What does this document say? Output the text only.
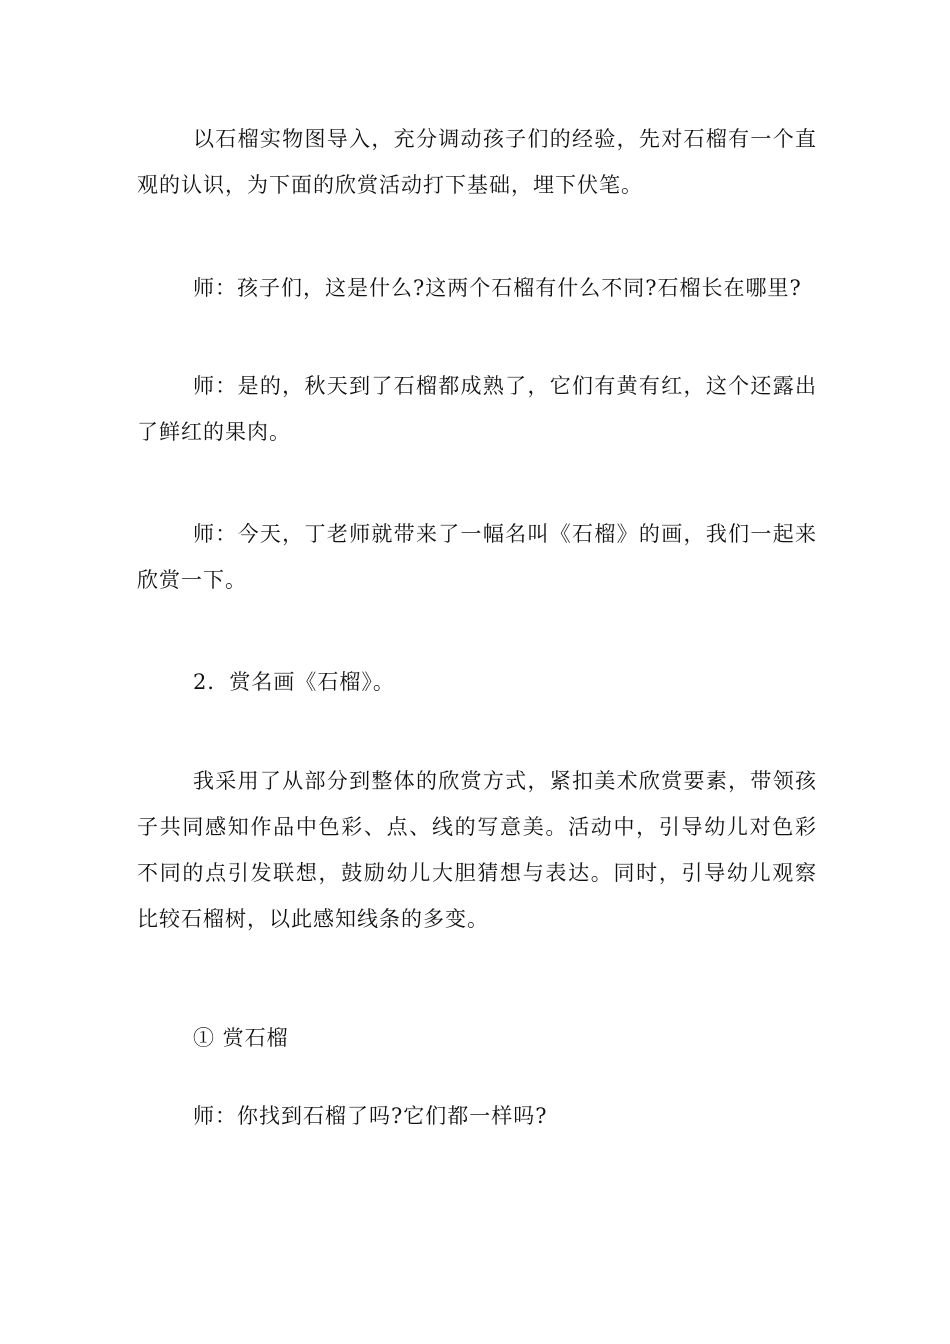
以石榴实物图导入，充分调动孩子们的经验，先对石榴有一个直观的认识，为下面的欣赏活动打下基础，埋下伏笔。

师：孩子们，这是什么?这两个石榴有什么不同?石榴长在哪里?

师：是的，秋天到了石榴都成熟了，它们有黄有红，这个还露出了鲜红的果肉。

师：今天，丁老师就带来了一幅名叫《石榴》的画，我们一起来欣赏一下。

2．赏名画《石榴》。

我采用了从部分到整体的欣赏方式，紧扣美术欣赏要素，带领孩子共同感知作品中色彩、点、线的写意美。活动中，引导幼儿对色彩不同的点引发联想，鼓励幼儿大胆猜想与表达。同时，引导幼儿观察比较石榴树，以此感知线条的多变。

① 赏石榴

师：你找到石榴了吗?它们都一样吗?
